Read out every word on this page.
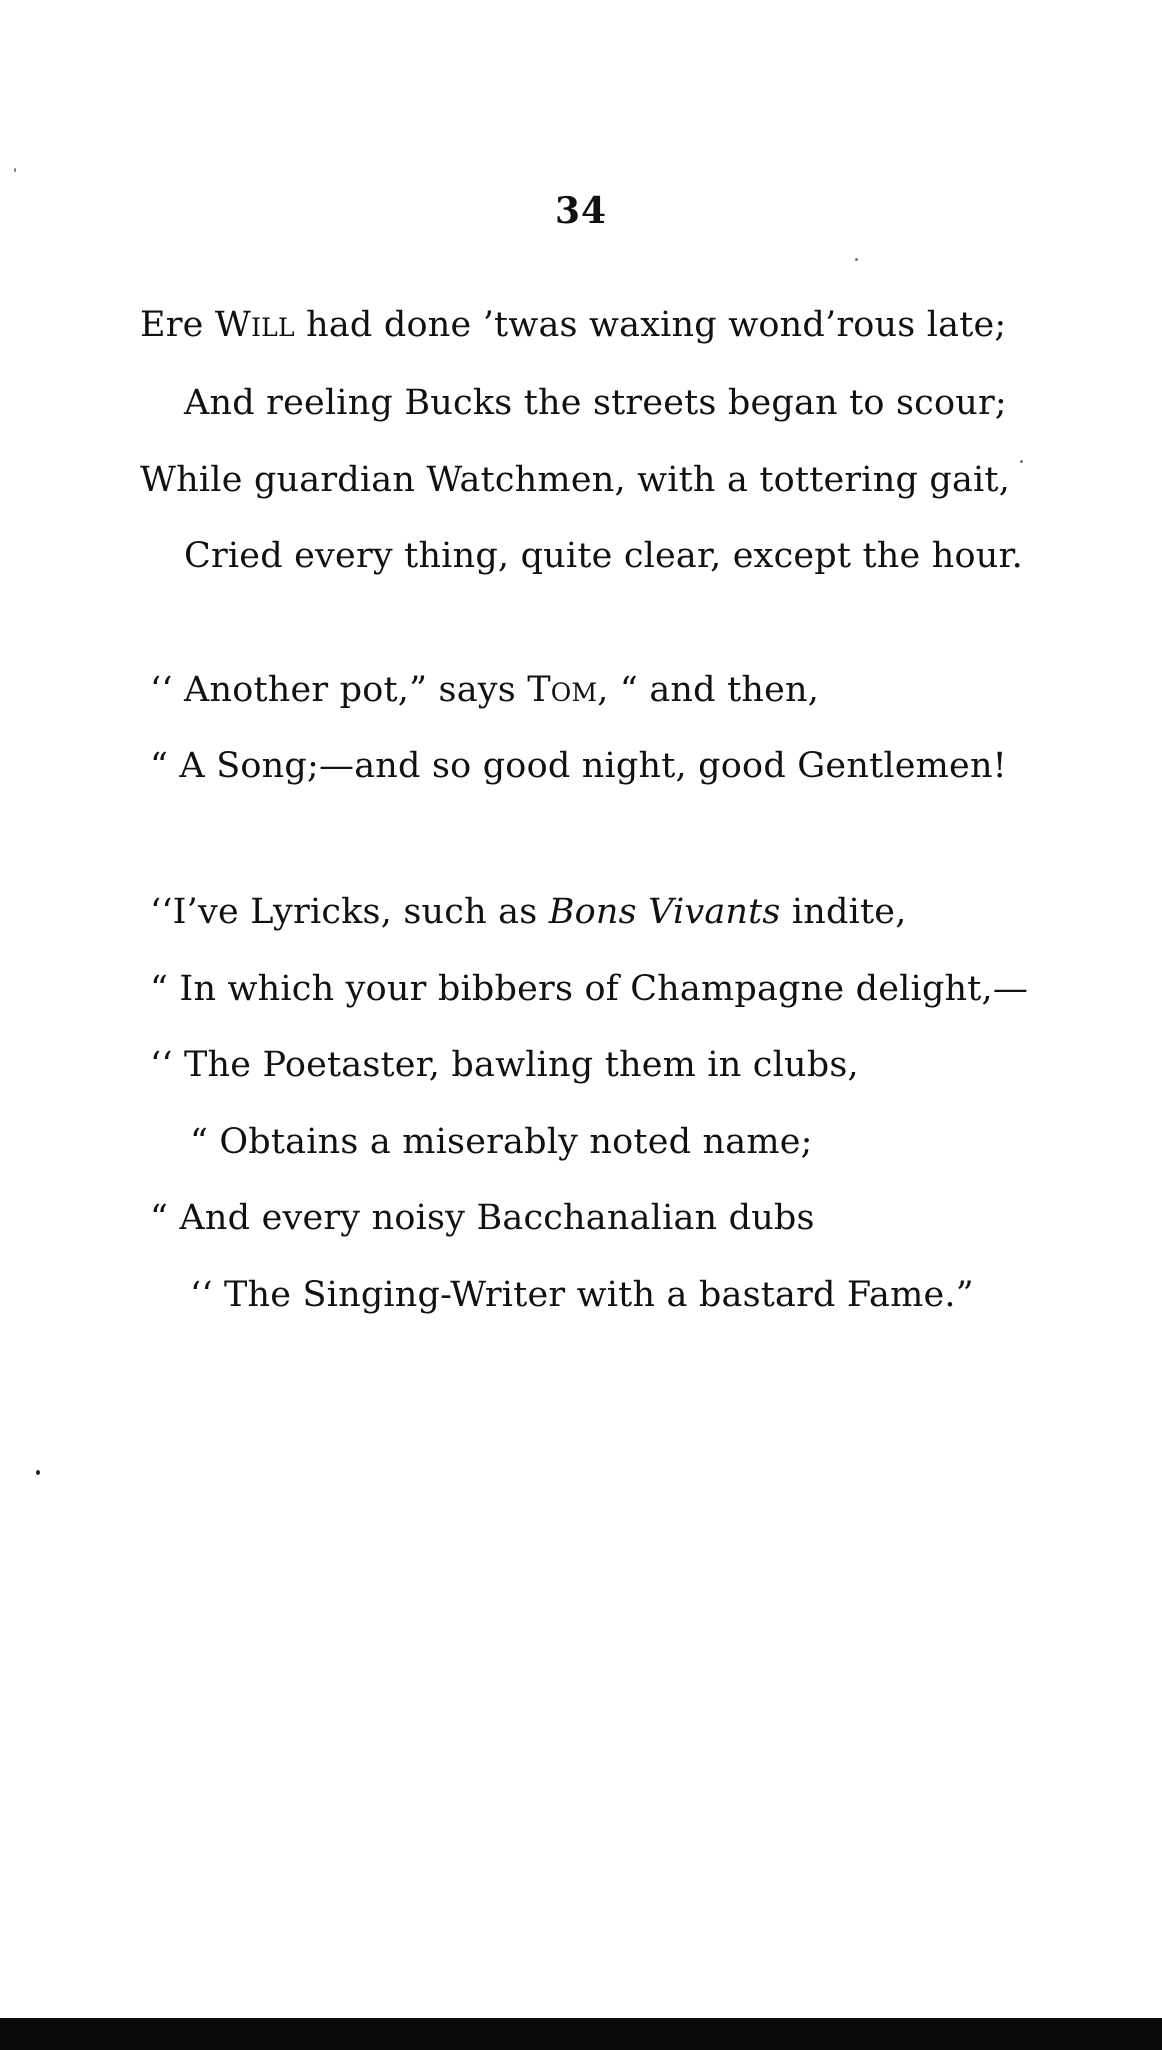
34
Ere Will had done ’twas waxing wond’rous late;
And reeling Bucks the streets began to scour;
While guardian Watchmen, with a tottering gait,
Cried every thing, quite clear, except the hour.
‘‘ Another pot,” says Tom, “ and then,
“ A Song;—and so good night, good Gentlemen!
‘‘I’ve Lyricks, such as Bons Vivants indite,
“ In which your bibbers of Champagne delight,—
‘‘ The Poetaster, bawling them in clubs,
“ Obtains a miserably noted name;
“ And every noisy Bacchanalian dubs
‘‘ The Singing-Writer with a bastard Fame.”
